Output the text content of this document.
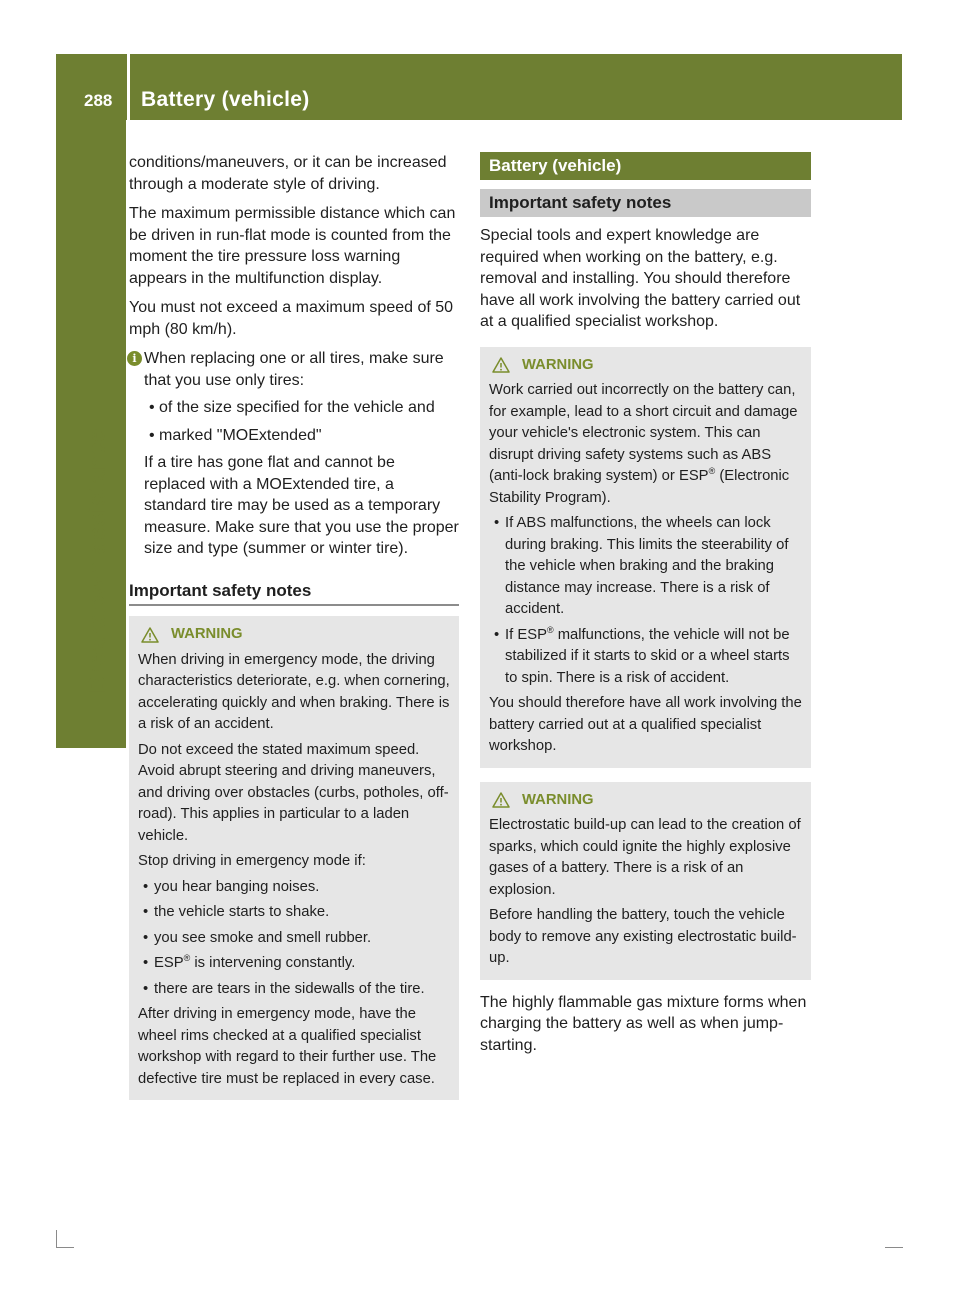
288 Battery (vehicle)
Breakdown assistance

conditions/maneuvers, or it can be increased through a moderate style of driving.

The maximum permissible distance which can be driven in run-flat mode is counted from the moment the tire pressure loss warning appears in the multifunction display.

You must not exceed a maximum speed of 50 mph (80 km/h).

i When replacing one or all tires, make sure that you use only tires:
• of the size specified for the vehicle and
• marked "MOExtended"
If a tire has gone flat and cannot be replaced with a MOExtended tire, a standard tire may be used as a temporary measure. Make sure that you use the proper size and type (summer or winter tire).
Important safety notes
WARNING

When driving in emergency mode, the driving characteristics deteriorate, e.g. when cornering, accelerating quickly and when braking. There is a risk of an accident.

Do not exceed the stated maximum speed. Avoid abrupt steering and driving maneuvers, and driving over obstacles (curbs, potholes, off-road). This applies in particular to a laden vehicle.

Stop driving in emergency mode if:

• you hear banging noises.
• the vehicle starts to shake.
• you see smoke and smell rubber.
• ESP® is intervening constantly.
• there are tears in the sidewalls of the tire.

After driving in emergency mode, have the wheel rims checked at a qualified specialist workshop with regard to their further use. The defective tire must be replaced in every case.

Battery (vehicle)
Important safety notes

Special tools and expert knowledge are required when working on the battery, e.g. removal and installing. You should therefore have all work involving the battery carried out at a qualified specialist workshop.

WARNING

Work carried out incorrectly on the battery can, for example, lead to a short circuit and damage your vehicle's electronic system. This can disrupt driving safety systems such as ABS (anti-lock braking system) or ESP® (Electronic Stability Program).

• If ABS malfunctions, the wheels can lock during braking. This limits the steerability of the vehicle when braking and the braking distance may increase. There is a risk of accident.
• If ESP® malfunctions, the vehicle will not be stabilized if it starts to skid or a wheel starts to spin. There is a risk of accident.

You should therefore have all work involving the battery carried out at a qualified specialist workshop.

WARNING

Electrostatic build-up can lead to the creation of sparks, which could ignite the highly explosive gases of a battery. There is a risk of an explosion.

Before handling the battery, touch the vehicle body to remove any existing electrostatic build-up.

The highly flammable gas mixture forms when charging the battery as well as when jump-starting.
